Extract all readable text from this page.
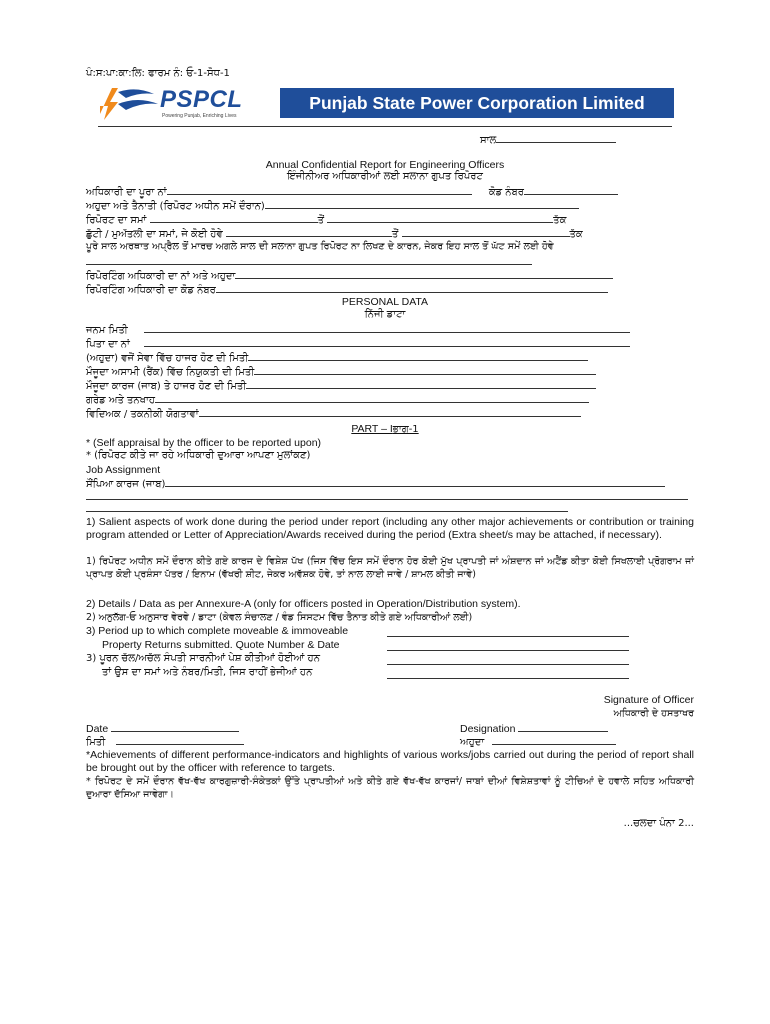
ਪੰ:ਸ:ਪਾ:ਕਾ:ਲਿ: ਫਾਰਮ ਨੰ: ਓ-1-ਸੋਧ-1
PSPCL
Powering Punjab, Enriching Lives
Punjab State Power Corporation Limited
ਸਾਲ
Annual Confidential Report for Engineering Officers
ਇੰਜੀਨੀਅਰ ਅਧਿਕਾਰੀਆਂ ਲਈ ਸਲਾਨਾ ਗੁਪਤ ਰਿਪੋਰਟ
ਅਧਿਕਾਰੀ ਦਾ ਪੂਰਾ ਨਾਂ	ਕੋਡ ਨੰਬਰ
ਅਹੁਦਾ ਅਤੇ ਤੈਨਾਤੀ (ਰਿਪੋਰਟ ਅਧੀਨ ਸਮੇਂ ਦੌਰਾਨ)
ਰਿਪੋਰਟ ਦਾ ਸਮਾਂ	ਤੋਂ	ਤੱਕ
ਛੁੱਟੀ / ਮੁਅੱਤਲੀ ਦਾ ਸਮਾਂ, ਜੇ ਕੋਈ ਹੋਵੇ	ਤੋਂ	ਤੱਕ
ਪੂਰੇ ਸਾਲ ਅਰਥਾਤ ਅਪ੍ਰੈਲ ਤੋਂ ਮਾਰਚ ਅਗਲੇ ਸਾਲ ਦੀ ਸਲਾਨਾ ਗੁਪਤ ਰਿਪੋਰਟ ਨਾ ਲਿਖਣ ਦੇ ਕਾਰਨ, ਜੇਕਰ ਇਹ ਸਾਲ ਤੋਂ ਘੱਟ ਸਮੇਂ ਲਈ ਹੋਵੇ
ਰਿਪੋਰਟਿੰਗ ਅਧਿਕਾਰੀ ਦਾ ਨਾਂ ਅਤੇ ਅਹੁਦਾ
ਰਿਪੋਰਟਿੰਗ ਅਧਿਕਾਰੀ ਦਾ ਕੋਡ ਨੰਬਰ
PERSONAL DATA
ਨਿੱਜੀ ਡਾਟਾ
ਜਨਮ ਮਿਤੀ
ਪਿਤਾ ਦਾ ਨਾਂ
(ਅਹੁਦਾ) ਵਜੋਂ ਸੇਵਾ ਵਿੱਚ ਹਾਜਰ ਹੋਣ ਦੀ ਮਿਤੀ
ਮੌਜੂਦਾ ਅਸਾਮੀ (ਰੈਂਕ) ਵਿੱਚ ਨਿਯੁਕਤੀ ਦੀ ਮਿਤੀ
ਮੌਜੂਦਾ ਕਾਰਜ (ਜਾਬ) ਤੇ ਹਾਜਰ ਹੋਣ ਦੀ ਮਿਤੀ
ਗਰੇਡ ਅਤੇ ਤਨਖਾਹ
ਵਿਦਿਅਕ / ਤਕਨੀਕੀ ਯੋਗਤਾਵਾਂ
PART – Iਭਾਗ-1
* (Self appraisal by the officer to be reported upon)
* (ਰਿਪੋਰਟ ਕੀਤੇ ਜਾ ਰਹੇ ਅਧਿਕਾਰੀ ਦੁਆਰਾ ਆਪਣਾ ਮੁਲਾਂਕਣ)
Job Assignment
ਸੌਂਪਿਆ ਕਾਰਜ (ਜਾਬ)
1) Salient aspects of work done during the period under report (including any other major achievements or contribution or training program attended or Letter of Appreciation/Awards received during the period (Extra sheet/s may be attached, if necessary).
1) ਰਿਪੋਰਟ ਅਧੀਨ ਸਮੇਂ ਦੌਰਾਨ ਕੀਤੇ ਗਏ ਕਾਰਜ ਦੇ ਵਿਸ਼ੇਸ਼ ਪੱਖ (ਜਿਸ ਵਿੱਚ ਇਸ ਸਮੇਂ ਦੌਰਾਨ ਹੋਰ ਕੋਈ ਮੁੱਖ ਪ੍ਰਾਪਤੀ ਜਾਂ ਅੰਸ਼ਦਾਨ ਜਾਂ ਅਟੈਂਡ ਕੀਤਾ ਕੋਈ ਸਿਖਲਾਈ ਪ੍ਰੋਗਰਾਮ ਜਾਂ ਪ੍ਰਾਪਤ ਕੋਈ ਪ੍ਰਸ਼ੰਸਾ ਪੱਤਰ / ਇਨਾਮ (ਵੱਖਰੀ ਸ਼ੀਟ, ਜੇਕਰ ਅਵੱਸ਼ਕ ਹੋਵੇ, ਤਾਂ ਨਾਲ ਲਾਈ ਜਾਵੇ / ਸ਼ਾਮਲ ਕੀਤੀ ਜਾਵੇ)
2) Details / Data as per Annexure-A (only for officers posted in Operation/Distribution system).
2) ਅਨੁਲੱਗ-ਓ ਅਨੁਸਾਰ ਵੇਰਵੇ / ਡਾਟਾ (ਕੇਵਲ ਸੰਚਾਲਣ / ਵੰਡ ਸਿਸਟਮ ਵਿੱਚ ਤੈਨਾਤ ਕੀਤੇ ਗਏ ਅਧਿਕਾਰੀਆਂ ਲਈ)
3) Period up to which complete moveable & immoveable
Property Returns submitted. Quote Number & Date
3) ਪੂਰਨ ਚੱਲ/ਅਚੱਲ ਸੰਪਤੀ ਸਾਰਨੀਆਂ ਪੇਸ਼ ਕੀਤੀਆਂ ਹੋਈਆਂ ਹਨ
ਤਾਂ ਉਸ ਦਾ ਸਮਾਂ ਅਤੇ ਨੰਬਰ/ਮਿਤੀ, ਜਿਸ ਰਾਹੀਂ ਭੇਜੀਆਂ ਹਨ
Signature of Officer
ਅਧਿਕਾਰੀ ਦੇ ਹਸਤਾਖਰ
Date	Designation
ਮਿਤੀ	ਅਹੁਦਾ
*Achievements of different performance-indicators and highlights of various works/jobs carried out during the period of report shall be brought out by the officer with reference to targets.
* ਰਿਪੋਰਟ ਦੇ ਸਮੇਂ ਦੌਰਾਨ ਵੱਖ-ਵੱਖ ਕਾਰਗੁਜ਼ਾਰੀ-ਸੰਕੇਤਕਾਂ ਉੱਤੇ ਪ੍ਰਾਪਤੀਆਂ ਅਤੇ ਕੀਤੇ ਗਏ ਵੱਖ-ਵੱਖ ਕਾਰਜਾਂ/ ਜਾਬਾਂ ਦੀਆਂ ਵਿਸ਼ੇਸ਼ਤਾਵਾਂ ਨੂੰ ਟੀਚਿਆਂ ਦੇ ਹਵਾਲੇ ਸਹਿਤ ਅਧਿਕਾਰੀ ਦੁਆਰਾ ਦੱਸਿਆ ਜਾਵੇਗਾ।
...ਚਲਦਾ ਪੰਨਾ 2...
